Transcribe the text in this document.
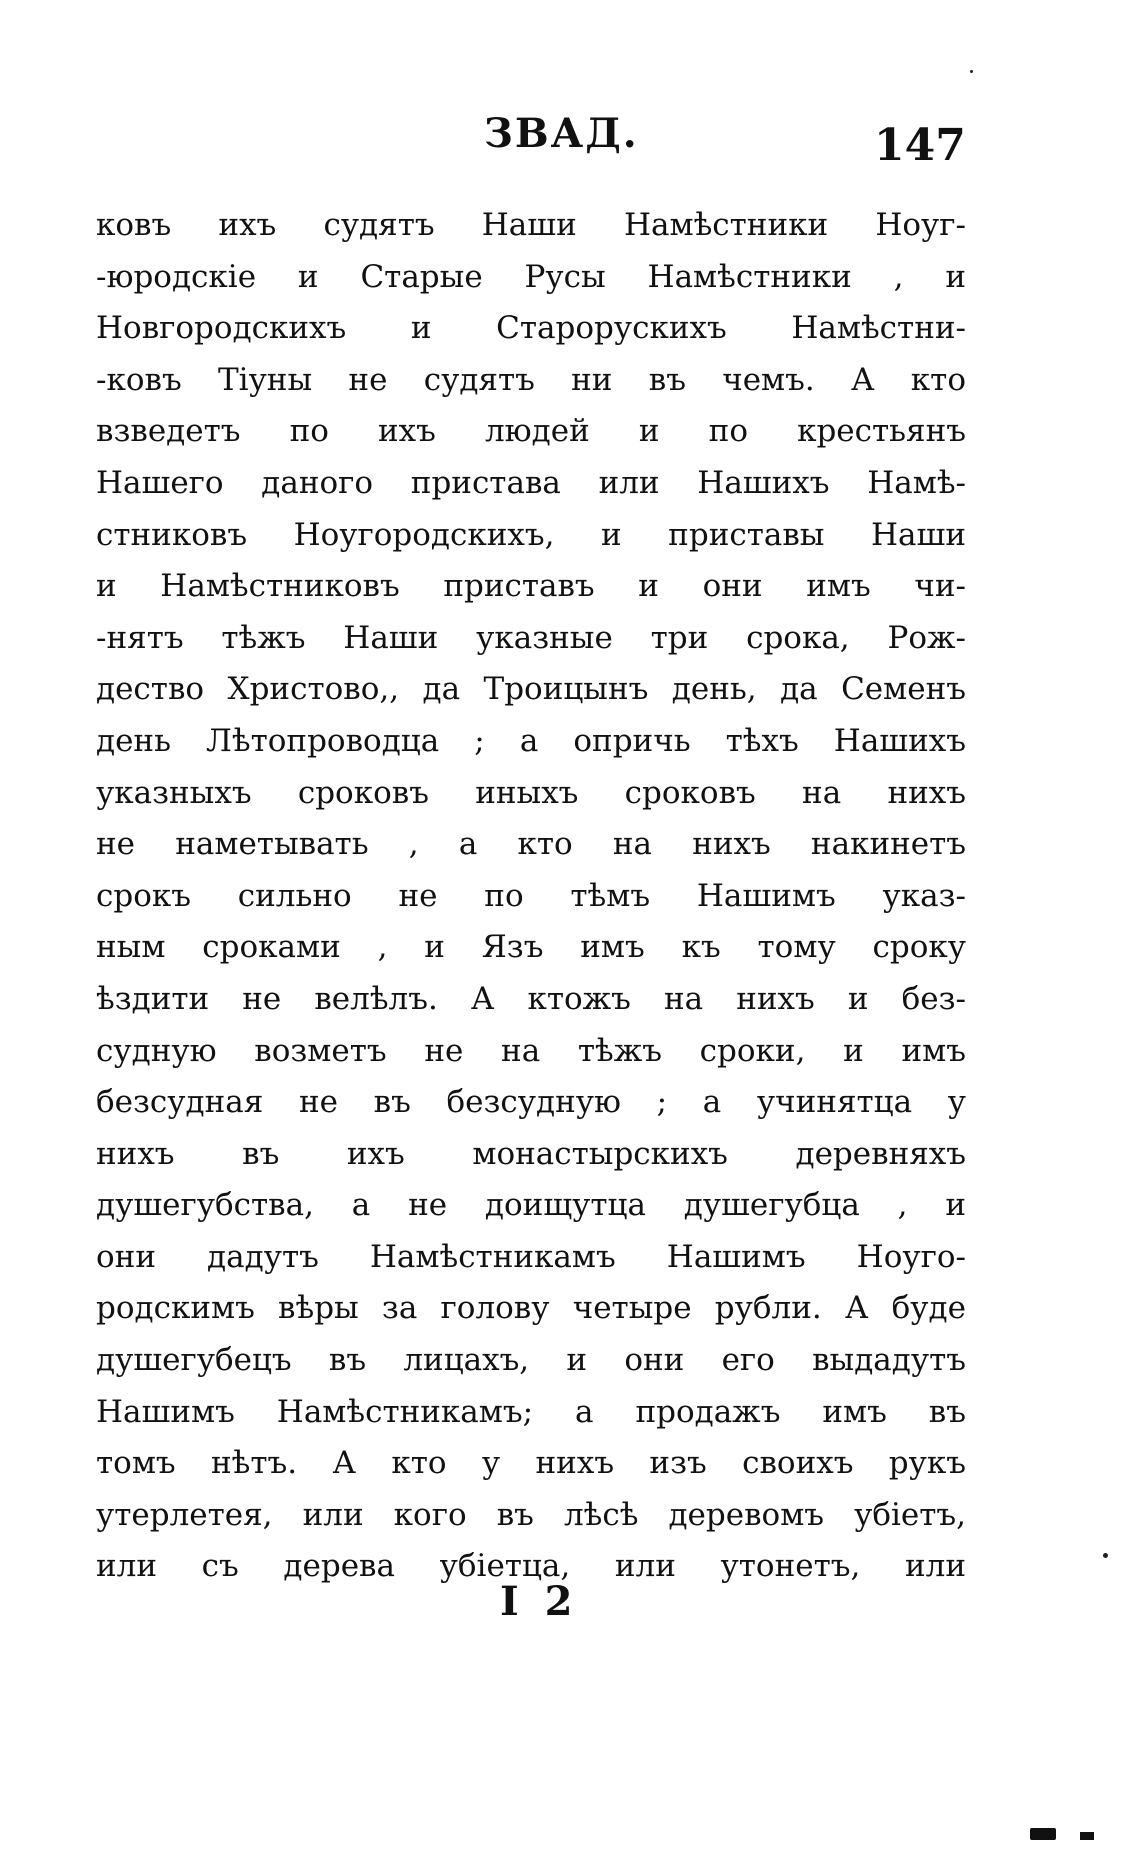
ЗВАД.	147
ковъ ихъ судятъ Наши Намѣстники Ноуг-
-юродскіе и Старые Русы Намѣстники , и
Новгородскихъ и Старорускихъ Намѣстни-
-ковъ Тіуны не судятъ ни въ чемъ. А кто
взведетъ по ихъ людей и по крестьянъ
Нашего даного пристава или Нашихъ Намѣ-
стниковъ Ноугородскихъ, и приставы Наши
и Намѣстниковъ приставъ и они имъ чи-
-нятъ тѣжъ Наши указные три срока, Рож-
дество Христово,, да Троицынъ день, да Семенъ
день Лѣтопроводца ; а опричь тѣхъ Нашихъ
указныхъ сроковъ иныхъ сроковъ на нихъ
не наметывать , а кто на нихъ накинетъ
срокъ сильно не по тѣмъ Нашимъ указ-
ным сроками , и Язъ имъ къ тому сроку
ѣздити не велѣлъ. А ктожъ на нихъ и без-
судную возметъ не на тѣжъ сроки, и имъ
безсудная не въ безсудную ; а учинятца у
нихъ въ ихъ монастырскихъ деревняхъ
душегубства, а не доищутца душегубца , и
они дадутъ Намѣстникамъ Нашимъ Ноуго-
родскимъ вѣры за голову четыре рубли. А буде
душегубецъ въ лицахъ, и они его выдадутъ
Нашимъ Намѣстникамъ; а продажъ имъ въ
томъ нѣтъ. А кто у нихъ изъ своихъ рукъ
утерлетея, или кого въ лѣсѣ деревомъ убіетъ,
или съ дерева убіетца, или утонетъ, или
I 2
